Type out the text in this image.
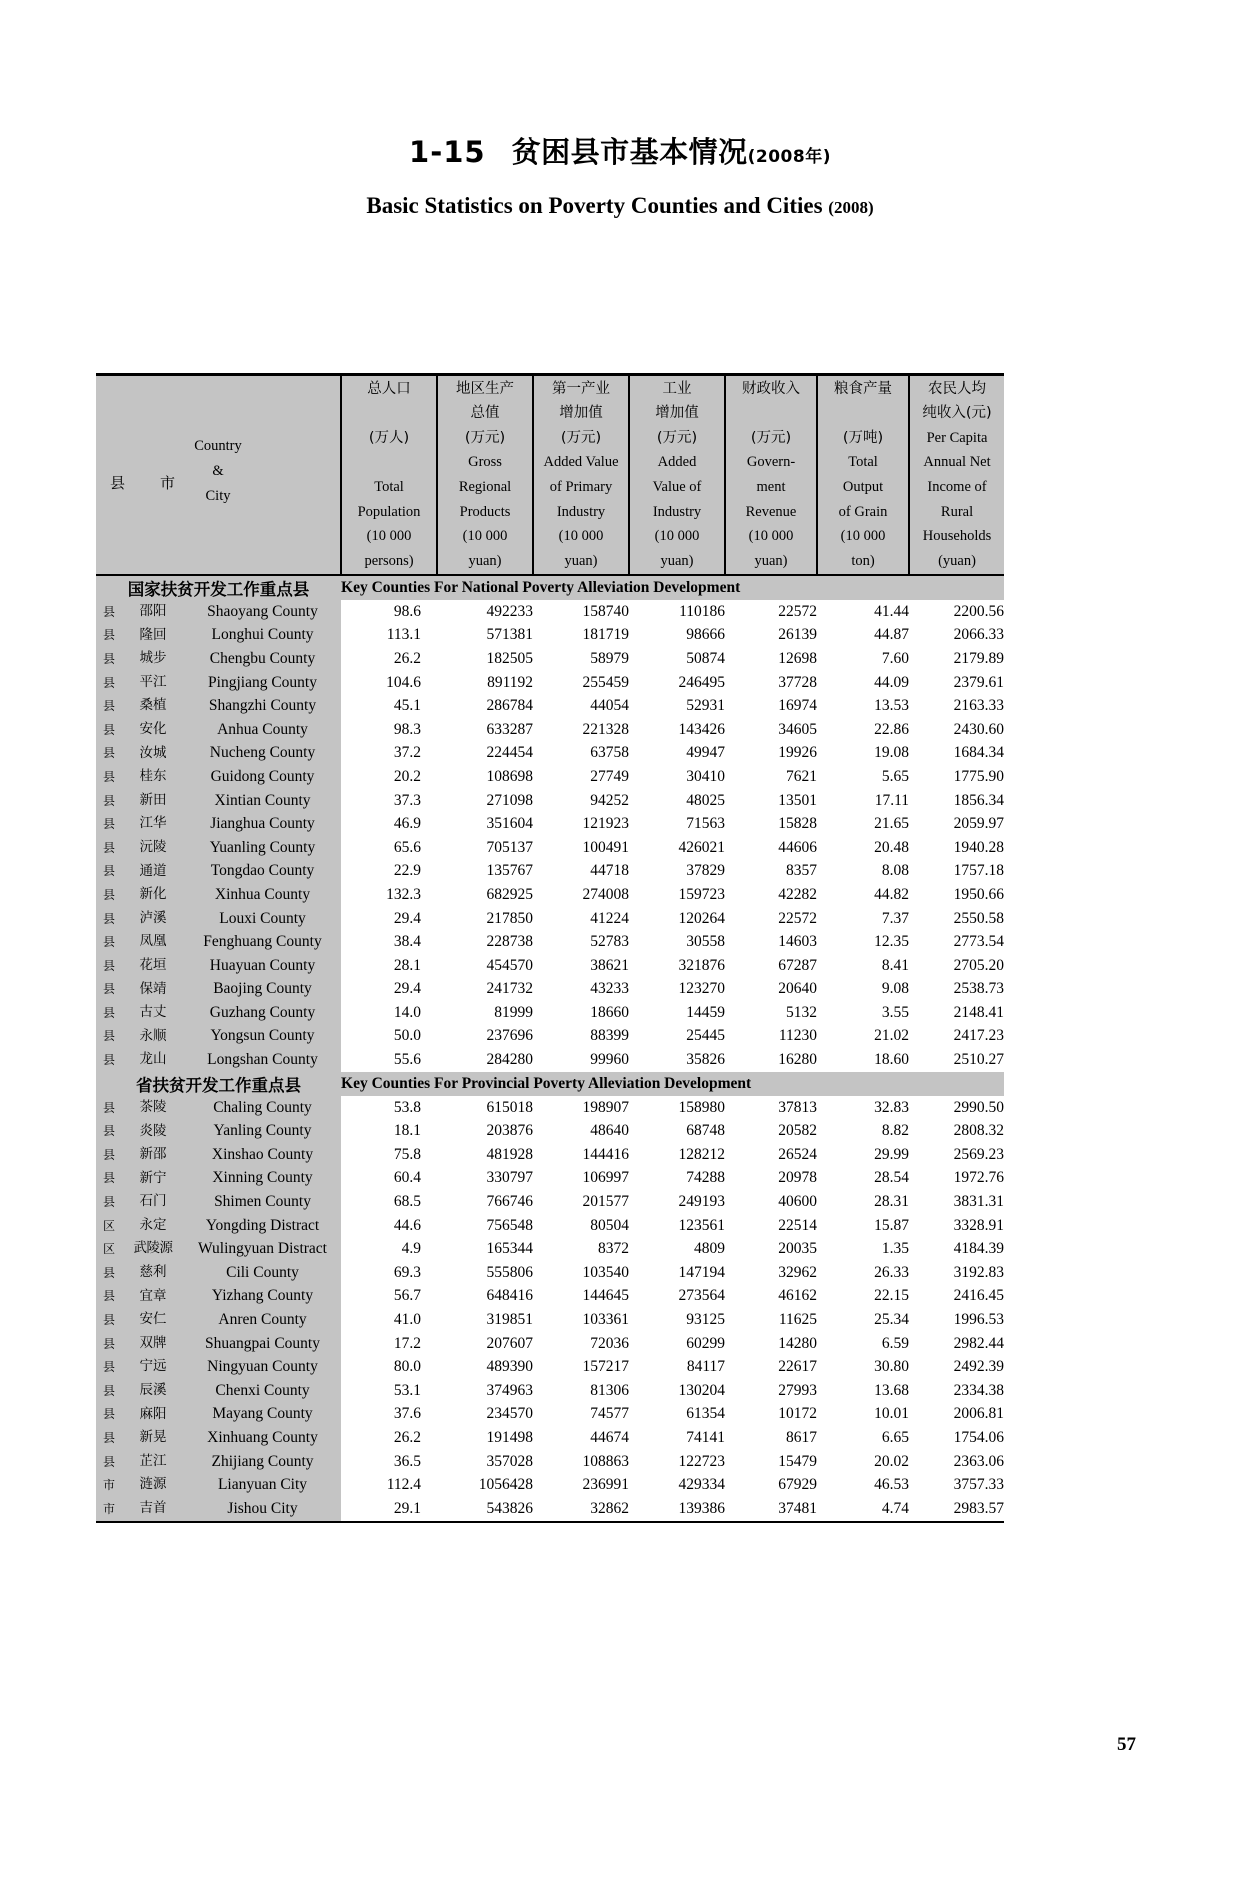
1-15 贫困县市基本情况(2008年)
Basic Statistics on Poverty Counties and Cities (2008)
县　市
Country
&
City

总人口
(万人)
Total
Population
(10 000
persons)

地区生产
总值
(万元)
Gross
Regional
Products
(10 000
yuan)

第一产业
增加值
(万元)
Added Value
of Primary
Industry
(10 000
yuan)

工业
增加值
(万元)
Added
Value of
Industry
(10 000
yuan)

财政收入
(万元)
Govern-
ment
Revenue
(10 000
yuan)

粮食产量
(万吨)
Total
Output
of Grain
(10 000
ton)

农民人均
纯收入(元)
Per Capita
Annual Net
Income of
Rural
Households
(yuan)

国家扶贫开发工作重点县			Key Counties For National Poverty Alleviation Development						
县	邵阳	Shaoyang County	98.6	492233	158740	110186	22572	41.44	2200.56
县	隆回	Longhui County	113.1	571381	181719	98666	26139	44.87	2066.33
县	城步	Chengbu County	26.2	182505	58979	50874	12698	7.60	2179.89
县	平江	Pingjiang County	104.6	891192	255459	246495	37728	44.09	2379.61
县	桑植	Shangzhi County	45.1	286784	44054	52931	16974	13.53	2163.33
县	安化	Anhua County	98.3	633287	221328	143426	34605	22.86	2430.60
县	汝城	Nucheng County	37.2	224454	63758	49947	19926	19.08	1684.34
县	桂东	Guidong County	20.2	108698	27749	30410	7621	5.65	1775.90
县	新田	Xintian County	37.3	271098	94252	48025	13501	17.11	1856.34
县	江华	Jianghua County	46.9	351604	121923	71563	15828	21.65	2059.97
县	沅陵	Yuanling County	65.6	705137	100491	426021	44606	20.48	1940.28
县	通道	Tongdao County	22.9	135767	44718	37829	8357	8.08	1757.18
县	新化	Xinhua County	132.3	682925	274008	159723	42282	44.82	1950.66
县	泸溪	Louxi County	29.4	217850	41224	120264	22572	7.37	2550.58
县	凤凰	Fenghuang County	38.4	228738	52783	30558	14603	12.35	2773.54
县	花垣	Huayuan County	28.1	454570	38621	321876	67287	8.41	2705.20
县	保靖	Baojing County	29.4	241732	43233	123270	20640	9.08	2538.73
县	古丈	Guzhang County	14.0	81999	18660	14459	5132	3.55	2148.41
县	永顺	Yongsun County	50.0	237696	88399	25445	11230	21.02	2417.23
县	龙山	Longshan County	55.6	284280	99960	35826	16280	18.60	2510.27
省扶贫开发工作重点县			Key Counties For Provincial Poverty Alleviation Development						
县	茶陵	Chaling County	53.8	615018	198907	158980	37813	32.83	2990.50
县	炎陵	Yanling County	18.1	203876	48640	68748	20582	8.82	2808.32
县	新邵	Xinshao County	75.8	481928	144416	128212	26524	29.99	2569.23
县	新宁	Xinning County	60.4	330797	106997	74288	20978	28.54	1972.76
县	石门	Shimen County	68.5	766746	201577	249193	40600	28.31	3831.31
区	永定	Yongding Distract	44.6	756548	80504	123561	22514	15.87	3328.91
区	武陵源	Wulingyuan Distract	4.9	165344	8372	4809	20035	1.35	4184.39
县	慈利	Cili County	69.3	555806	103540	147194	32962	26.33	3192.83
县	宜章	Yizhang County	56.7	648416	144645	273564	46162	22.15	2416.45
县	安仁	Anren County	41.0	319851	103361	93125	11625	25.34	1996.53
县	双牌	Shuangpai County	17.2	207607	72036	60299	14280	6.59	2982.44
县	宁远	Ningyuan County	80.0	489390	157217	84117	22617	30.80	2492.39
县	辰溪	Chenxi County	53.1	374963	81306	130204	27993	13.68	2334.38
县	麻阳	Mayang County	37.6	234570	74577	61354	10172	10.01	2006.81
县	新晃	Xinhuang County	26.2	191498	44674	74141	8617	6.65	1754.06
县	芷江	Zhijiang County	36.5	357028	108863	122723	15479	20.02	2363.06
市	涟源	Lianyuan City	112.4	1056428	236991	429334	67929	46.53	3757.33
市	吉首	Jishou City	29.1	543826	32862	139386	37481	4.74	2983.57

57
